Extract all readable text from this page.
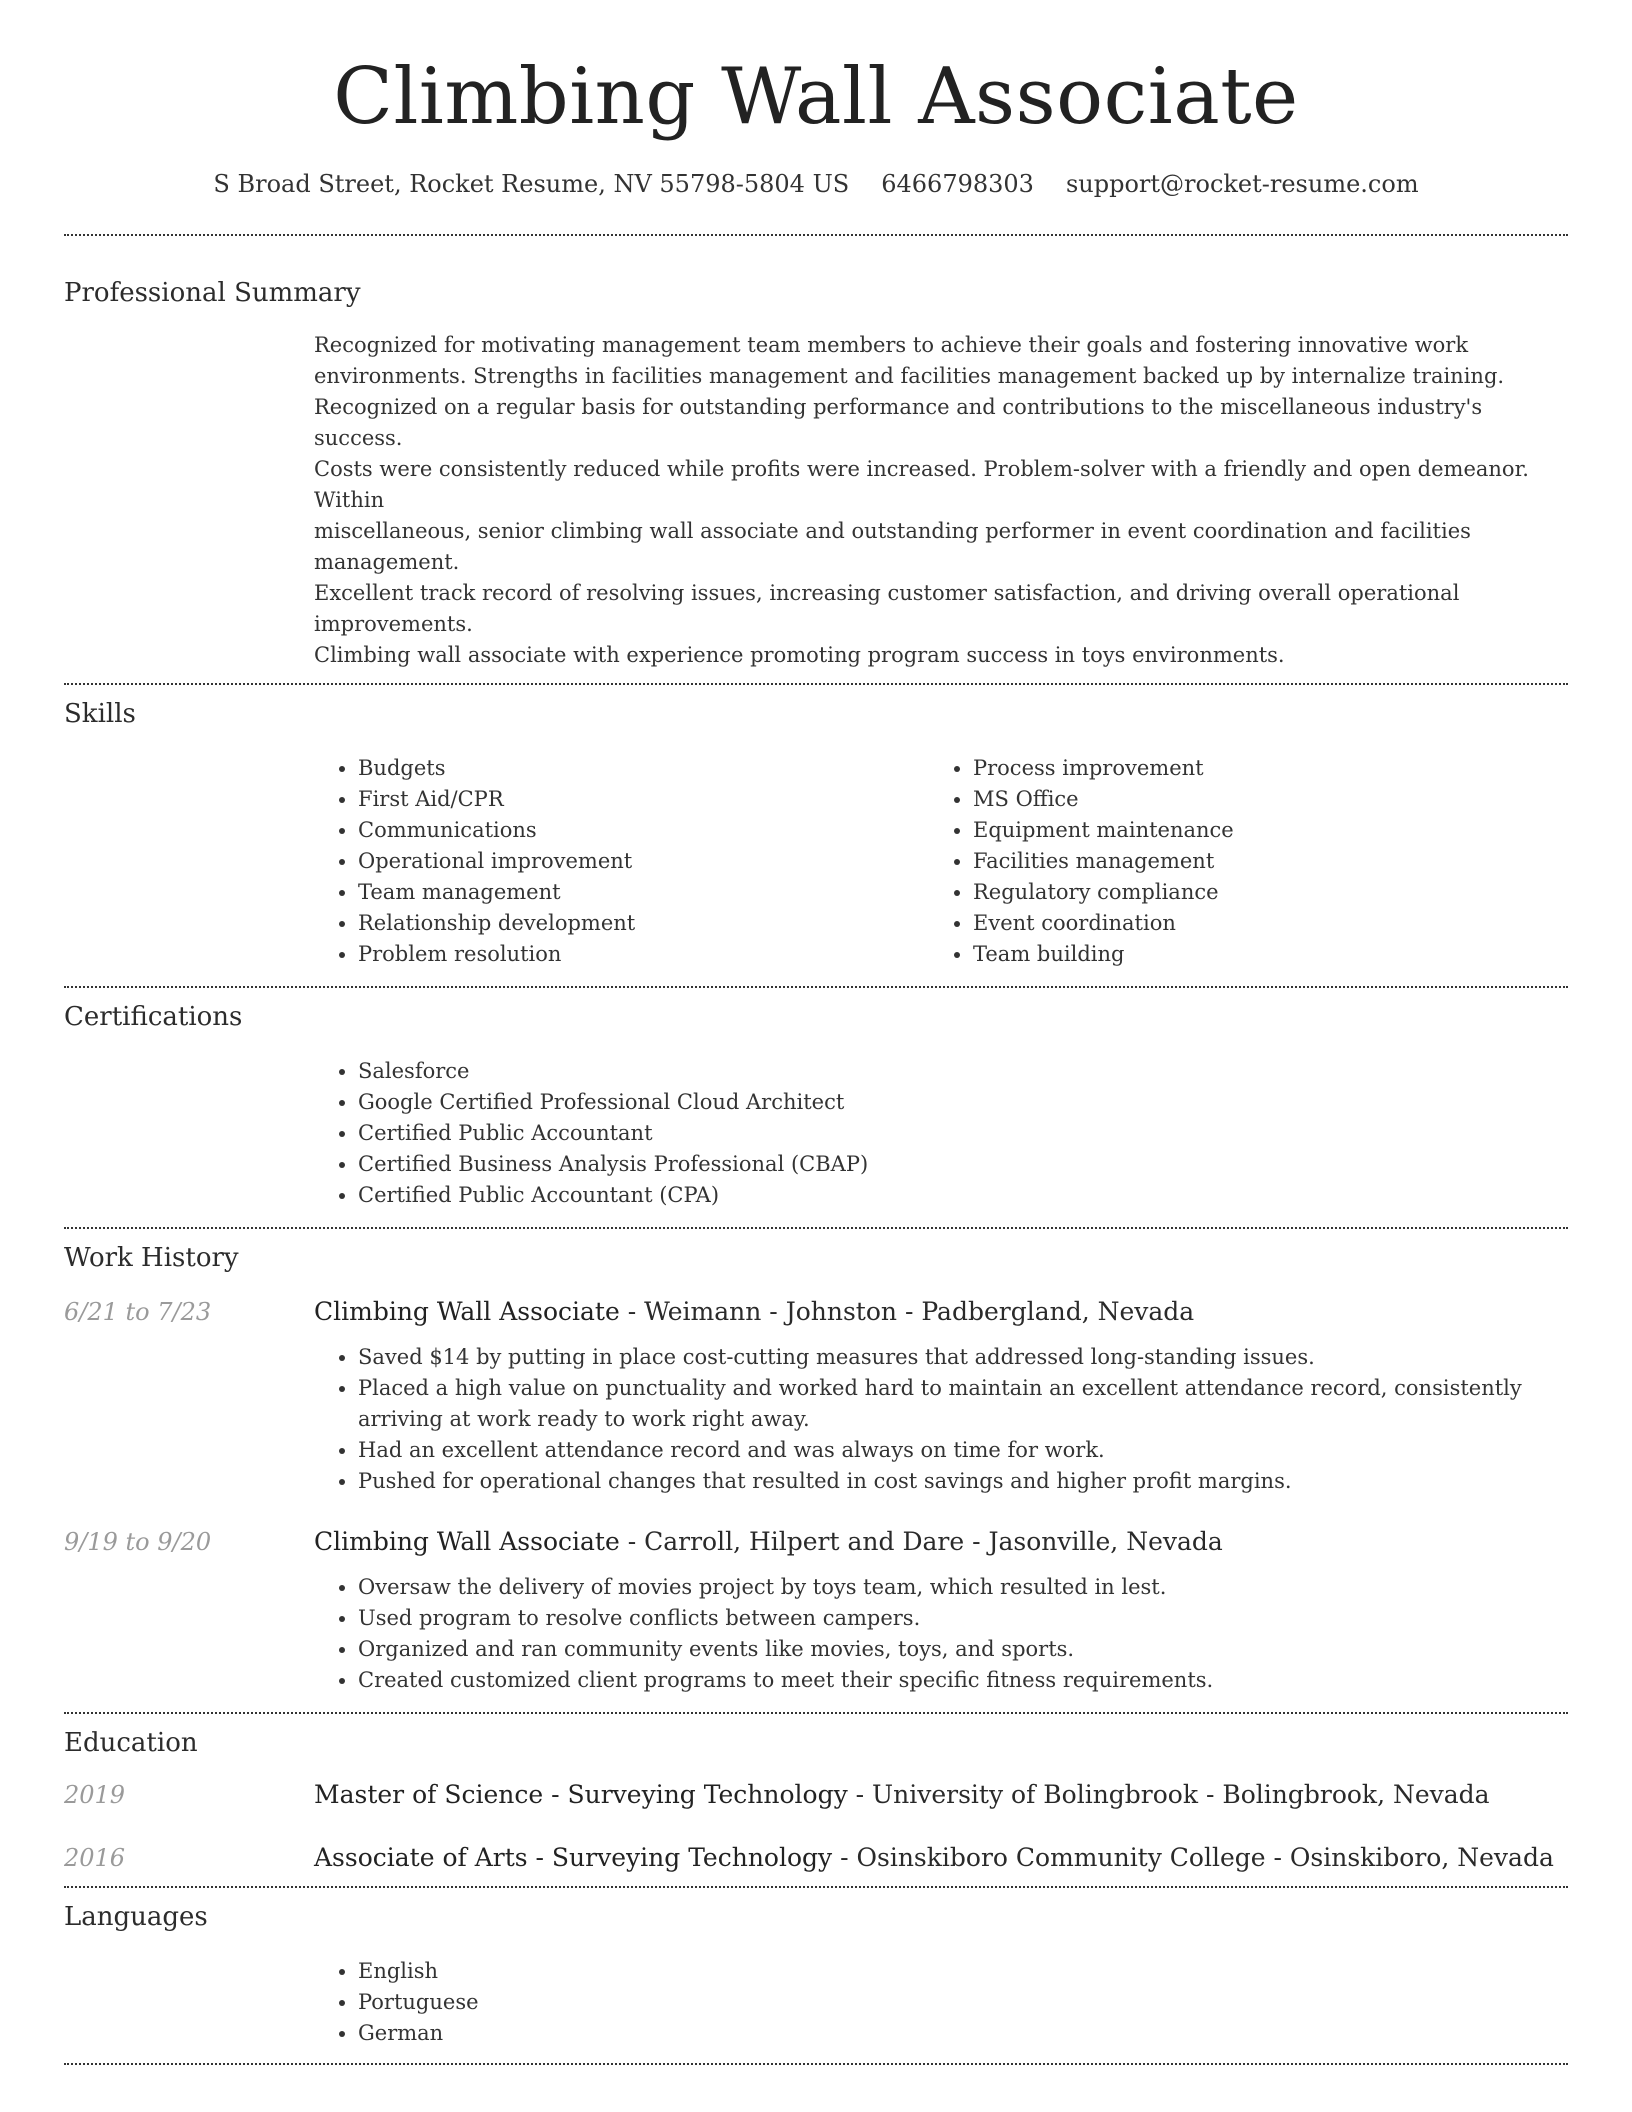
Climbing Wall Associate
S Broad Street, Rocket Resume, NV 55798-5804 US 6466798303 support@rocket-resume.com
Professional Summary
Recognized for motivating management team members to achieve their goals and fostering innovative work
environments. Strengths in facilities management and facilities management backed up by internalize training.
Recognized on a regular basis for outstanding performance and contributions to the miscellaneous industry's success.
Costs were consistently reduced while profits were increased. Problem-solver with a friendly and open demeanor. Within
miscellaneous, senior climbing wall associate and outstanding performer in event coordination and facilities management.
Excellent track record of resolving issues, increasing customer satisfaction, and driving overall operational improvements.
Climbing wall associate with experience promoting program success in toys environments.
Skills
• Budgets
• First Aid/CPR
• Communications
• Operational improvement
• Team management
• Relationship development
• Problem resolution
• Process improvement
• MS Office
• Equipment maintenance
• Facilities management
• Regulatory compliance
• Event coordination
• Team building
Certifications
• Salesforce
• Google Certified Professional Cloud Architect
• Certified Public Accountant
• Certified Business Analysis Professional (CBAP)
• Certified Public Accountant (CPA)
Work History
6/21 to 7/23	Climbing Wall Associate - Weimann - Johnston - Padbergland, Nevada
• Saved $14 by putting in place cost-cutting measures that addressed long-standing issues.
• Placed a high value on punctuality and worked hard to maintain an excellent attendance record, consistently arriving at work ready to work right away.
• Had an excellent attendance record and was always on time for work.
• Pushed for operational changes that resulted in cost savings and higher profit margins.
9/19 to 9/20	Climbing Wall Associate - Carroll, Hilpert and Dare - Jasonville, Nevada
• Oversaw the delivery of movies project by toys team, which resulted in lest.
• Used program to resolve conflicts between campers.
• Organized and ran community events like movies, toys, and sports.
• Created customized client programs to meet their specific fitness requirements.
Education
2019	Master of Science - Surveying Technology - University of Bolingbrook - Bolingbrook, Nevada
2016	Associate of Arts - Surveying Technology - Osinskiboro Community College - Osinskiboro, Nevada
Languages
• English
• Portuguese
• German
